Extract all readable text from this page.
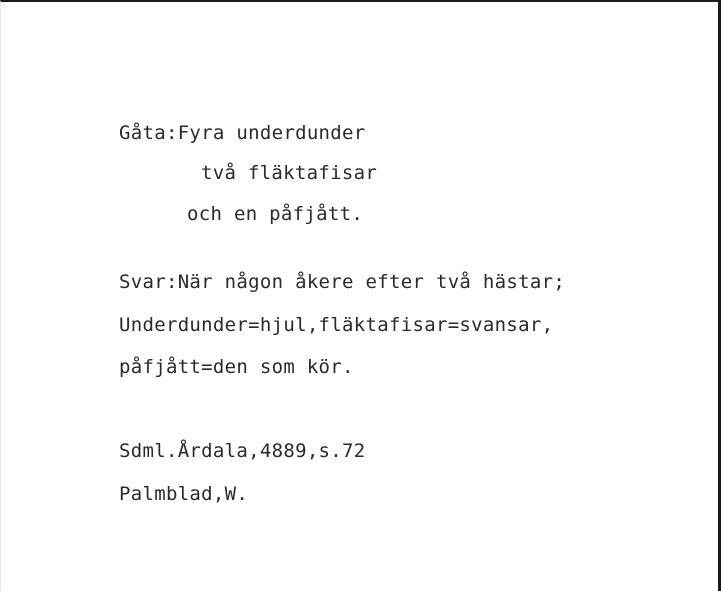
Gåta:Fyra underdunder

två fläktafisar

och en påfjått.

Svar:När någon åkere efter två hästar;

Underdunder=hjul,fläktafisar=svansar,

påfjått=den som kör.

Sdml.Årdala,4889,s.72

Palmblad,W.
